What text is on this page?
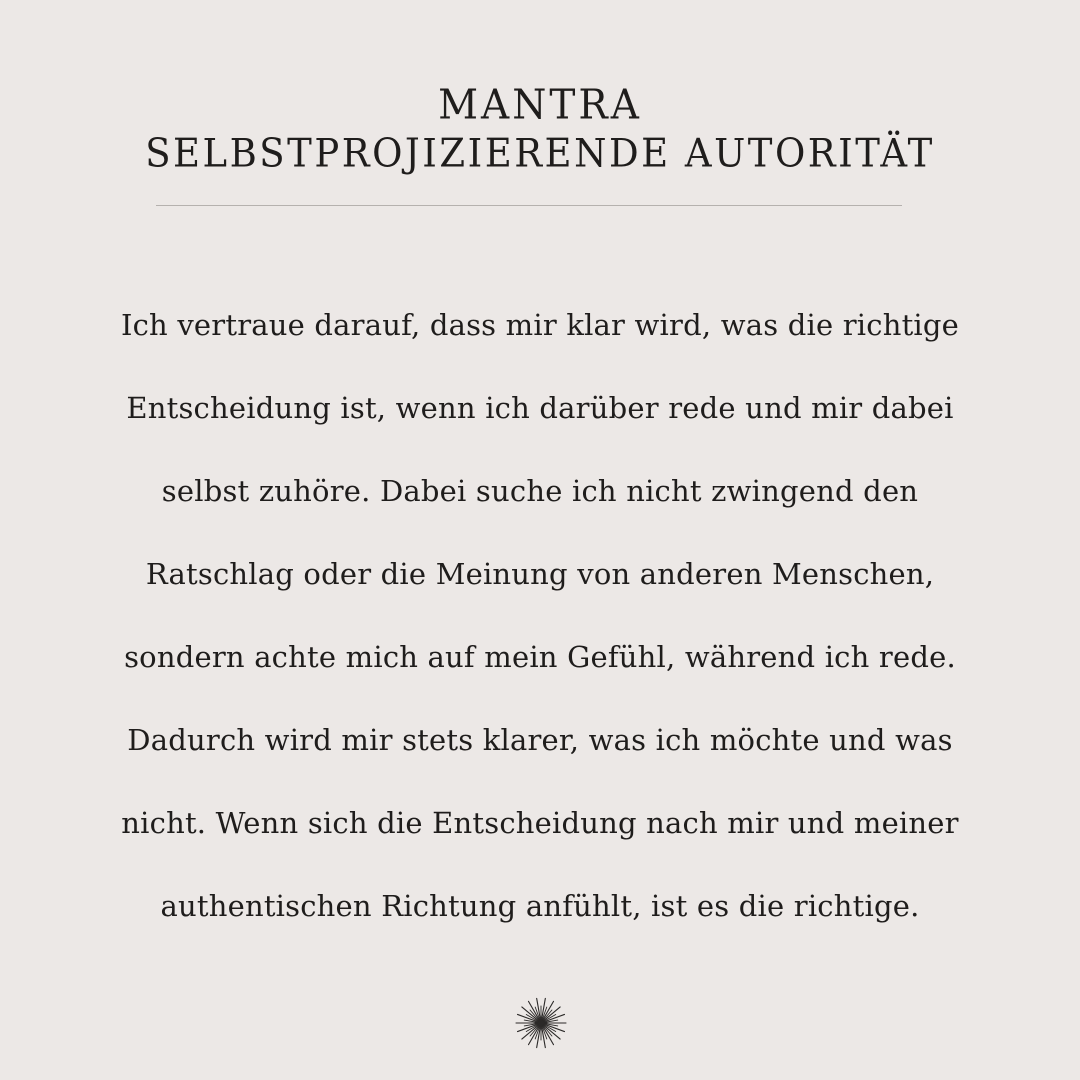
MANTRA
SELBSTPROJIZIERENDE AUTORITÄT
Ich vertraue darauf, dass mir klar wird, was die richtige
Entscheidung ist, wenn ich darüber rede und mir dabei
selbst zuhöre. Dabei suche ich nicht zwingend den
Ratschlag oder die Meinung von anderen Menschen,
sondern achte mich auf mein Gefühl, während ich rede.
Dadurch wird mir stets klarer, was ich möchte und was
nicht. Wenn sich die Entscheidung nach mir und meiner
authentischen Richtung anfühlt, ist es die richtige.
